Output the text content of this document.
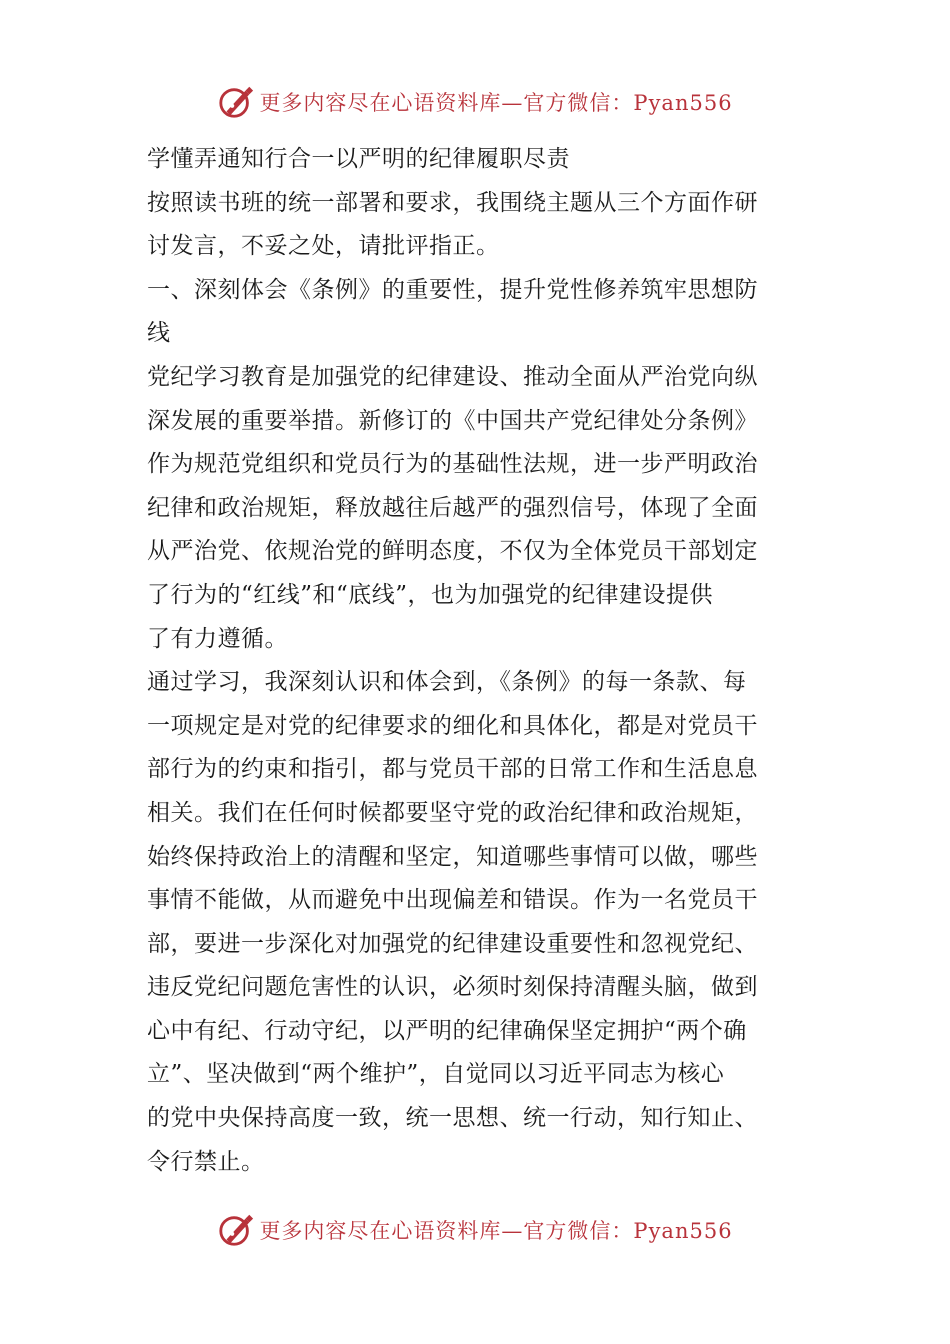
更多内容尽在心语资料库—官方微信：Pyan556
学懂弄通知行合一以严明的纪律履职尽责
按照读书班的统一部署和要求，我围绕主题从三个方面作研
讨发言，不妥之处，请批评指正。
一、深刻体会《条例》的重要性，提升党性修养筑牢思想防
线
党纪学习教育是加强党的纪律建设、推动全面从严治党向纵
深发展的重要举措。新修订的《中国共产党纪律处分条例》
作为规范党组织和党员行为的基础性法规，进一步严明政治
纪律和政治规矩，释放越往后越严的强烈信号，体现了全面
从严治党、依规治党的鲜明态度，不仅为全体党员干部划定
了行为的“红线”和“底线”，也为加强党的纪律建设提供
了有力遵循。
通过学习，我深刻认识和体会到，《条例》的每一条款、每
一项规定是对党的纪律要求的细化和具体化，都是对党员干
部行为的约束和指引，都与党员干部的日常工作和生活息息
相关。我们在任何时候都要坚守党的政治纪律和政治规矩，
始终保持政治上的清醒和坚定，知道哪些事情可以做，哪些
事情不能做，从而避免中出现偏差和错误。作为一名党员干
部，要进一步深化对加强党的纪律建设重要性和忽视党纪、
违反党纪问题危害性的认识，必须时刻保持清醒头脑，做到
心中有纪、行动守纪，以严明的纪律确保坚定拥护“两个确
立”、坚决做到“两个维护”，自觉同以习近平同志为核心
的党中央保持高度一致，统一思想、统一行动，知行知止、
令行禁止。
更多内容尽在心语资料库—官方微信：Pyan556
